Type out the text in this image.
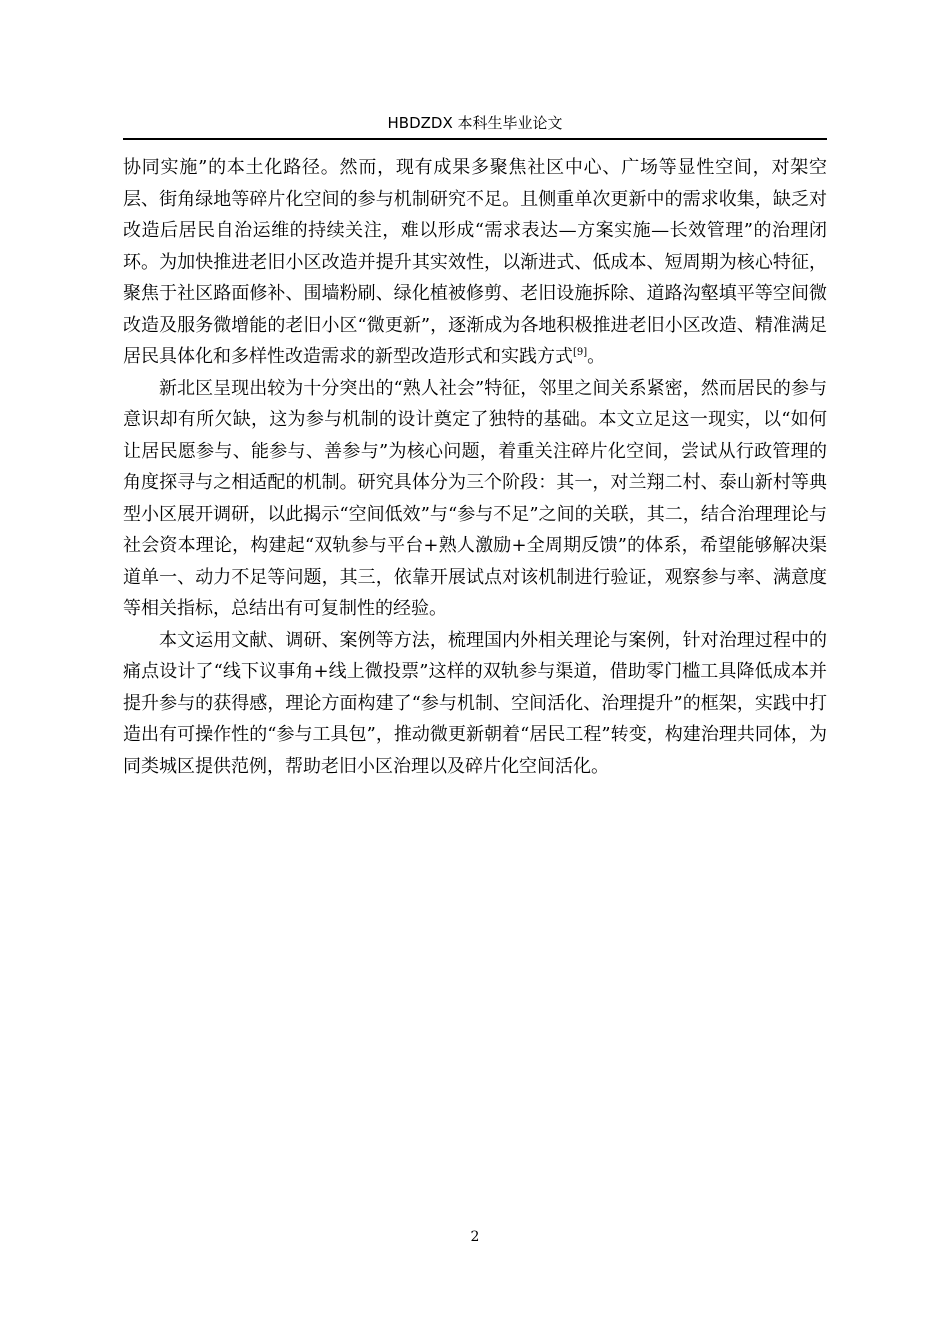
HBDZDX 本科生毕业论文

协同实施”的本土化路径。然而，现有成果多聚焦社区中心、广场等显性空间，对架空层、街角绿地等碎片化空间的参与机制研究不足。且侧重单次更新中的需求收集，缺乏对改造后居民自治运维的持续关注，难以形成“需求表达—方案实施—长效管理”的治理闭环。为加快推进老旧小区改造并提升其实效性，以渐进式、低成本、短周期为核心特征，聚焦于社区路面修补、围墙粉刷、绿化植被修剪、老旧设施拆除、道路沟壑填平等空间微改造及服务微增能的老旧小区“微更新”，逐渐成为各地积极推进老旧小区改造、精准满足居民具体化和多样性改造需求的新型改造形式和实践方式[9]。

新北区呈现出较为十分突出的“熟人社会”特征，邻里之间关系紧密，然而居民的参与意识却有所欠缺，这为参与机制的设计奠定了独特的基础。本文立足这一现实，以“如何让居民愿参与、能参与、善参与”为核心问题，着重关注碎片化空间，尝试从行政管理的角度探寻与之相适配的机制。研究具体分为三个阶段：其一，对兰翔二村、泰山新村等典型小区展开调研，以此揭示“空间低效”与“参与不足”之间的关联，其二，结合治理理论与社会资本理论，构建起“双轨参与平台+熟人激励+全周期反馈”的体系，希望能够解决渠道单一、动力不足等问题，其三，依靠开展试点对该机制进行验证，观察参与率、满意度等相关指标，总结出有可复制性的经验。

本文运用文献、调研、案例等方法，梳理国内外相关理论与案例，针对治理过程中的痛点设计了“线下议事角+线上微投票”这样的双轨参与渠道，借助零门槛工具降低成本并提升参与的获得感，理论方面构建了“参与机制、空间活化、治理提升”的框架，实践中打造出有可操作性的“参与工具包”，推动微更新朝着“居民工程”转变，构建治理共同体，为同类城区提供范例，帮助老旧小区治理以及碎片化空间活化。

2
